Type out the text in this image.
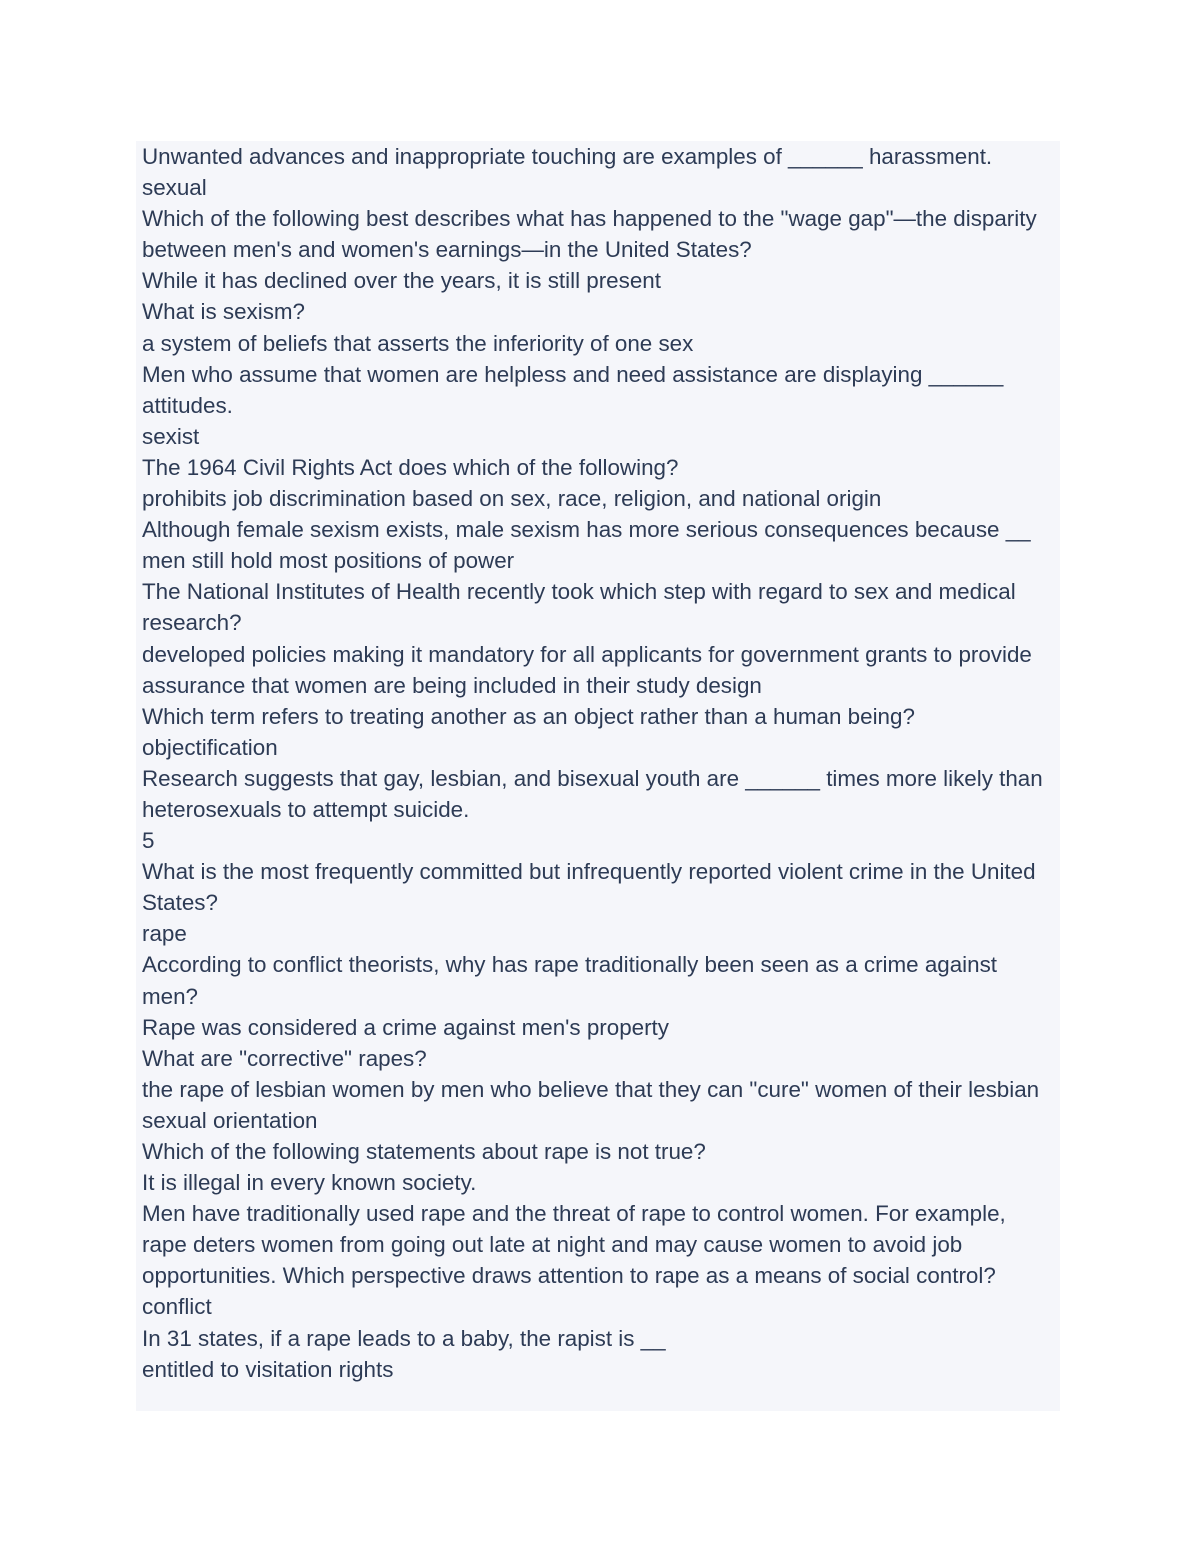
Unwanted advances and inappropriate touching are examples of ______ harassment.
sexual
Which of the following best describes what has happened to the "wage gap"—the disparity between men's and women's earnings—in the United States?
While it has declined over the years, it is still present
What is sexism?
a system of beliefs that asserts the inferiority of one sex
Men who assume that women are helpless and need assistance are displaying ______ attitudes.
sexist
The 1964 Civil Rights Act does which of the following?
prohibits job discrimination based on sex, race, religion, and national origin
Although female sexism exists, male sexism has more serious consequences because __
men still hold most positions of power
The National Institutes of Health recently took which step with regard to sex and medical research?
developed policies making it mandatory for all applicants for government grants to provide assurance that women are being included in their study design
Which term refers to treating another as an object rather than a human being?
objectification
Research suggests that gay, lesbian, and bisexual youth are ______ times more likely than heterosexuals to attempt suicide.
5
What is the most frequently committed but infrequently reported violent crime in the United States?
rape
According to conflict theorists, why has rape traditionally been seen as a crime against men?
Rape was considered a crime against men's property
What are "corrective" rapes?
the rape of lesbian women by men who believe that they can "cure" women of their lesbian sexual orientation
Which of the following statements about rape is not true?
It is illegal in every known society.
Men have traditionally used rape and the threat of rape to control women. For example, rape deters women from going out late at night and may cause women to avoid job opportunities. Which perspective draws attention to rape as a means of social control?
conflict
In 31 states, if a rape leads to a baby, the rapist is __
entitled to visitation rights
